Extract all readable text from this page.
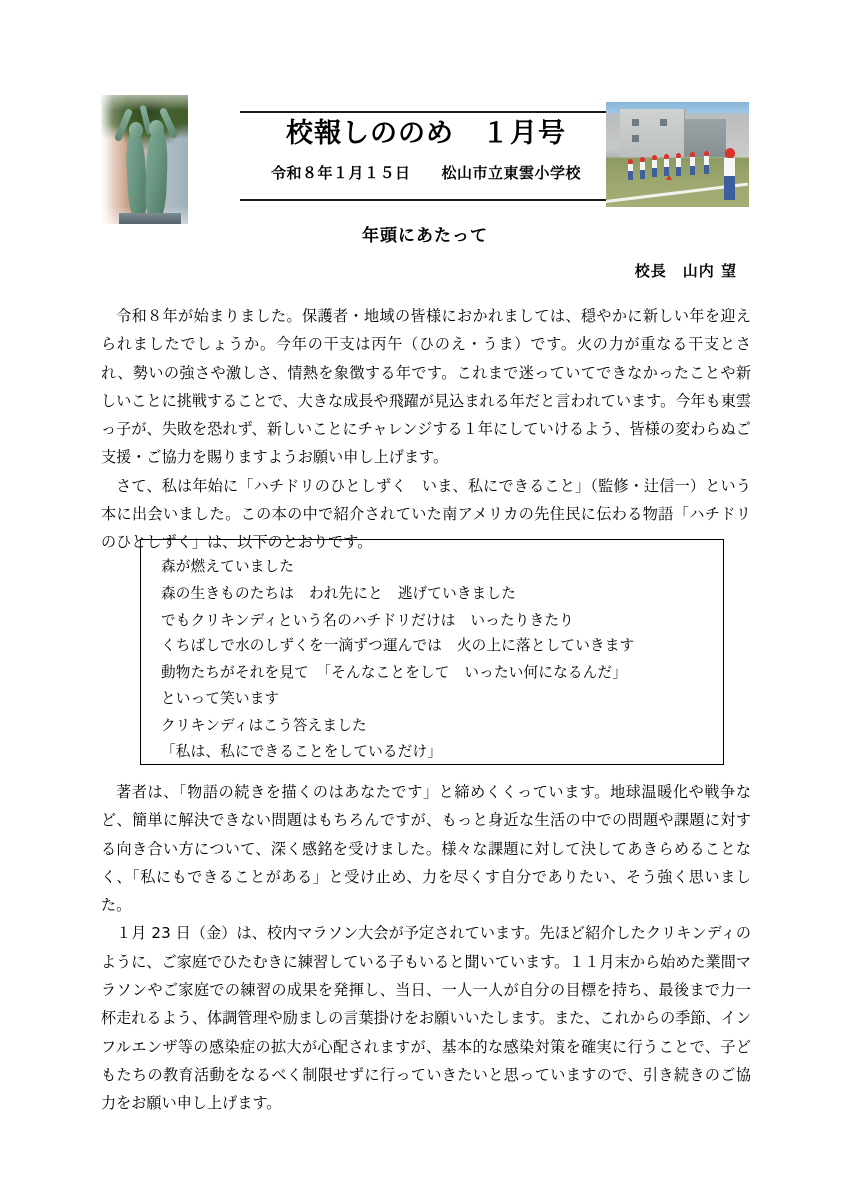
校報しののめ　１月号
令和８年１月１５日　　松山市立東雲小学校
年頭にあたって
校長　山内 望

令和８年が始まりました。保護者・地域の皆様におかれましては、穏やかに新しい年を迎えられましたでしょうか。今年の干支は丙午（ひのえ・うま）です。火の力が重なる干支とされ、勢いの強さや激しさ、情熱を象徴する年です。これまで迷っていてできなかったことや新しいことに挑戦することで、大きな成長や飛躍が見込まれる年だと言われています。今年も東雲っ子が、失敗を恐れず、新しいことにチャレンジする１年にしていけるよう、皆様の変わらぬご支援・ご協力を賜りますようお願い申し上げます。

さて、私は年始に「ハチドリのひとしずく　いま、私にできること」（監修・辻信一）という本に出会いました。この本の中で紹介されていた南アメリカの先住民に伝わる物語「ハチドリのひとしずく」は、以下のとおりです。

森が燃えていました
森の生きものたちは　われ先にと　逃げていきました
でもクリキンディという名のハチドリだけは　いったりきたり
くちばしで水のしずくを一滴ずつ運んでは　火の上に落としていきます
動物たちがそれを見て　「そんなことをして　いったい何になるんだ」
といって笑います
クリキンディはこう答えました
「私は、私にできることをしているだけ」

著者は、「物語の続きを描くのはあなたです」と締めくくっています。地球温暖化や戦争など、簡単に解決できない問題はもちろんですが、もっと身近な生活の中での問題や課題に対する向き合い方について、深く感銘を受けました。様々な課題に対して決してあきらめることなく、「私にもできることがある」と受け止め、力を尽くす自分でありたい、そう強く思いました。

１月 23 日（金）は、校内マラソン大会が予定されています。先ほど紹介したクリキンディのように、ご家庭でひたむきに練習している子もいると聞いています。１１月末から始めた業間マラソンやご家庭での練習の成果を発揮し、当日、一人一人が自分の目標を持ち、最後まで力一杯走れるよう、体調管理や励ましの言葉掛けをお願いいたします。また、これからの季節、インフルエンザ等の感染症の拡大が心配されますが、基本的な感染対策を確実に行うことで、子どもたちの教育活動をなるべく制限せずに行っていきたいと思っていますので、引き続きのご協力をお願い申し上げます。
